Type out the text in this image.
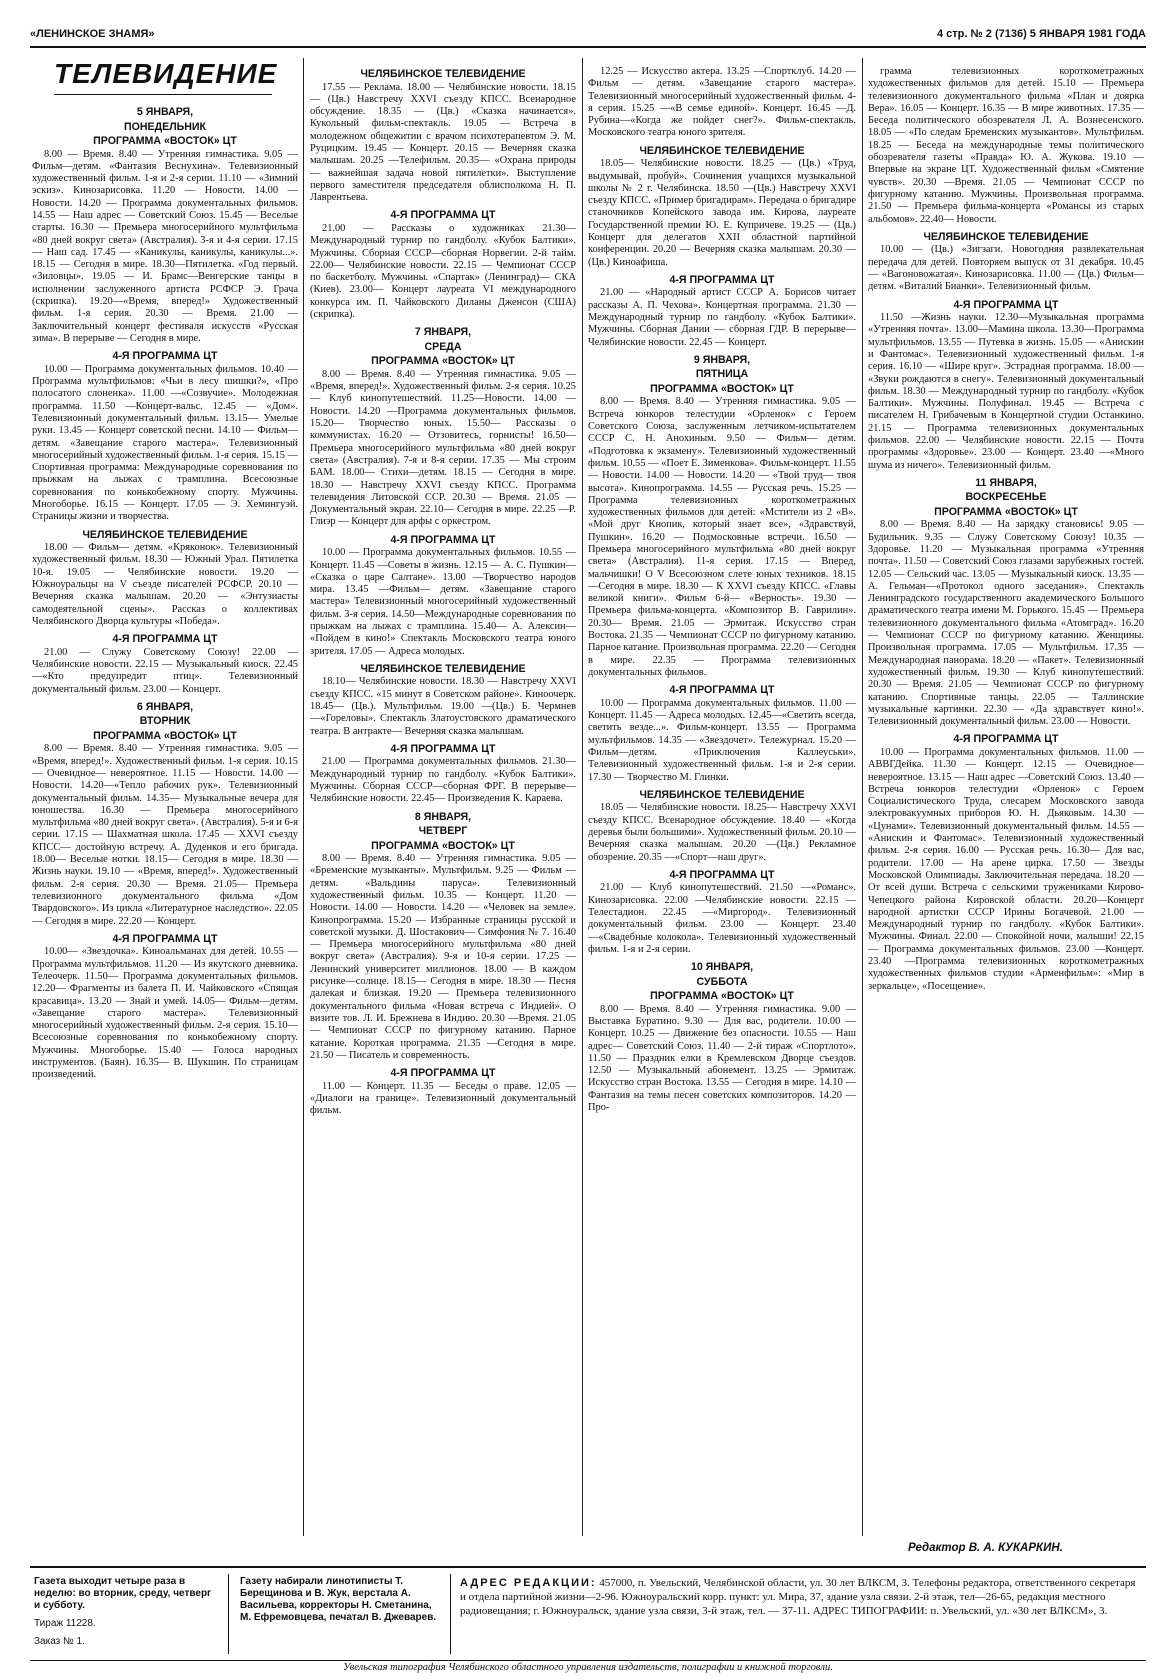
«ЛЕНИНСКОЕ ЗНАМЯ»	4 стр. № 2 (7136) 5 ЯНВАРЯ 1981 ГОДА
ТЕЛЕВИДЕНИЕ
5 ЯНВАРЯ,
ПОНЕДЕЛЬНИК
ПРОГРАММА «ВОСТОК» ЦТ

8.00 — Время. 8.40 — Утренняя гимнастика. 9.05 — Фильм—детям. «Фантазия Веснухина». Телевизионный художественный фильм. 1-я и 2-я серии. 11.10 — «Зимний эскиз». Кинозарисовка. 11.20 — Новости. 14.00 — Новости. 14.20 — Программа документальных фильмов. 14.55 — Наш адрес — Советский Союз. 15.45 — Веселые старты. 16.30 — Премьера многосерийного мультфильма «80 дней вокруг света» (Австралия). 3-я и 4-я серии. 17.15 — Наш сад. 17.45 — «Каникулы, каникулы, каникулы...». 18.15 — Сегодня в мире. 18.30—Пятилетка. «Год первый. «Зиловцы». 19.05 — И. Брамс—Венгерские танцы в исполнении заслуженного артиста РСФСР Э. Грача (скрипка). 19.20—«Время, вперед!» Художественный фильм. 1-я серия. 20.30 — Время. 21.00 — Заключительный концерт фестиваля искусств «Русская зима». В перерыве — Сегодня в мире.

4-Я ПРОГРАММА ЦТ

10.00 — Программа документальных фильмов. 10.40 — Программа мультфильмов: «Чьи в лесу шишки?», «Про полосатого слоненка». 11.00 —«Созвучие». Молодежная программа. 11.50 —Концерт-вальс. 12.45 — «Дом». Телевизионный документальный фильм. 13.15— Умелые руки. 13.45 — Концерт советской песни. 14.10 — Фильм—детям. «Завещание старого мастера». Телевизионный многосерийный художественный фильм. 1-я серия. 15.15 — Спортивная программа: Международные соревнования по прыжкам на лыжах с трамплина. Всесоюзные соревнования по конькобежному спорту. Мужчины. Многоборье. 16.15 — Концерт. 17.05 — Э. Хемингуэй. Страницы жизни и творчества.

ЧЕЛЯБИНСКОЕ ТЕЛЕВИДЕНИЕ

18.00 — Фильм— детям. «Кряконок». Телевизионный художественный фильм. 18.30 — Южный Урал. Пятилетка 10-я. 19.05 — Челябинские новости. 19.20 — Южноуральцы на V съезде писателей РСФСР. 20.10 — Вечерняя сказка малышам. 20.20 — «Энтузиасты самодеятельной сцены». Рассказ о коллективах Челябинского Дворца культуры «Победа».

4-Я ПРОГРАММА ЦТ

21.00 — Служу Советскому Союзу! 22.00 — Челябинские новости. 22.15 — Музыкальный киоск. 22.45 —«Кто предупредит птиц». Телевизионный документальный фильм. 23.00 — Концерт.

6 ЯНВАРЯ,
ВТОРНИК
ПРОГРАММА «ВОСТОК» ЦТ

8.00 — Время. 8.40 — Утренняя гимнастика. 9.05 — «Время, вперед!». Художественный фильм. 1-я серия. 10.15 — Очевидное— невероятное. 11.15 — Новости. 14.00 — Новости. 14.20—«Тепло рабочих рук». Телевизионный документальный фильм. 14.35— Музыкальные вечера для юношества. 16.30 — Премьера многосерийного мультфильма «80 дней вокруг света». (Австралия). 5-я и 6-я серии. 17.15 — Шахматная школа. 17.45 — XXVI съезду КПСС— достойную встречу. А. Дуденков и его бригада. 18.00— Веселые нотки. 18.15— Сегодня в мире. 18.30 — Жизнь науки. 19.10 — «Время, вперед!». Художественный фильм. 2-я серия. 20.30 — Время. 21.05— Премьера телевизионного документального фильма «Дом Твардовского». Из цикла «Литературное наследство». 22.05 — Сегодня в мире. 22.20 — Концерт.

4-Я ПРОГРАММА ЦТ

10.00— «Звездочка». Киноальманах для детей. 10.55 — Программа мультфильмов. 11.20 — Из якутского дневника. Телеочерк. 11.50— Программа документальных фильмов. 12.20— Фрагменты из балета П. И. Чайковского «Спящая красавица». 13.20 — Знай и умей. 14.05— Фильм—детям. «Завещание старого мастера». Телевизионный многосерийный художественный фильм. 2-я серия. 15.10— Всесоюзные соревнования по конькобежному спорту. Мужчины. Многоборье. 15.40 — Голоса народных инструментов. (Баян). 16.35— В. Шукшин. По страницам произведений.

ЧЕЛЯБИНСКОЕ ТЕЛЕВИДЕНИЕ

17.55 — Реклама. 18.00 — Челябинские новости. 18.15 — (Цв.) Навстречу XXVI съезду КПСС. Всенародное обсуждение. 18.35 — (Цв.) «Сказка начинается». Кукольный фильм-спектакль. 19.05 — Встреча в молодежном общежитии с врачом психотерапевтом Э. М. Руцицким. 19.45 — Концерт. 20.15 — Вечерняя сказка малышам. 20.25 —Телефильм. 20.35— «Охрана природы — важнейшая задача новой пятилетки». Выступление первого заместителя председателя облисполкома Н. П. Лаврентьева.

4-Я ПРОГРАММА ЦТ

21.00 — Рассказы о художниках 21.30— Международный турнир по гандболу. «Кубок Балтики». Мужчины. Сборная СССР—сборная Норвегии. 2-й тайм. 22.00— Челябинские новости. 22.15 — Чемпионат СССР по баскетболу. Мужчины. «Спартак» (Ленинград)— СКА (Киев). 23.00— Концерт лауреата VI международного конкурса им. П. Чайковского Диланы Дженсон (США) (скрипка).

7 ЯНВАРЯ,
СРЕДА
ПРОГРАММА «ВОСТОК» ЦТ

8.00 — Время. 8.40 — Утренняя гимнастика. 9.05 — «Время, вперед!». Художественный фильм. 2-я серия. 10.25 — Клуб кинопутешествий. 11.25—Новости. 14.00 — Новости. 14.20 —Программа документальных фильмов. 15.20— Творчество юных. 15.50— Рассказы о коммунистах. 16.20 — Отзовитесь, горнисты! 16.50— Премьера многосерийного мультфильма «80 дней вокруг света» (Австралия). 7-я и 8-я серии. 17.35 — Мы строим БАМ. 18.00— Стихи—детям. 18.15 — Сегодня в мире. 18.30 — Навстречу XXVI съезду КПСС. Программа телевидения Литовской ССР. 20.30 — Время. 21.05 —Документальный экран. 22.10— Сегодня в мире. 22.25 —Р. Глиэр — Концерт для арфы с оркестром.

4-Я ПРОГРАММА ЦТ

10.00 — Программа документальных фильмов. 10.55 — Концерт. 11.45 —Советы в жизнь. 12.15 — А. С. Пушкин— «Сказка о царе Салтане». 13.00 —Творчество народов мира. 13.45 —Фильм— детям. «Завещание старого мастера» Телевизионный многосерийный художественный фильм. 3-я серия. 14.50—Международные соревнования по прыжкам на лыжах с трамплина. 15.40— А. Алексин— «Пойдем в кино!» Спектакль Московского театра юного зрителя. 17.05 — Адреса молодых.

ЧЕЛЯБИНСКОЕ ТЕЛЕВИДЕНИЕ

18.10— Челябинские новости. 18.30 — Навстречу XXVI съезду КПСС. «15 минут в Советском районе». Киноочерк. 18.45— (Цв.). Мультфильм. 19.00 —(Цв.) Б. Чермнев —«Гореловы». Спектакль Златоустовского драматического театра. В антракте— Вечерняя сказка малышам.

4-Я ПРОГРАММА ЦТ

21.00 — Программа документальных фильмов. 21.30— Международный турнир по гандболу. «Кубок Балтики». Мужчины. Сборная СССР—сборная ФРГ. В перерыве— Челябинские новости. 22.45— Произведения К. Караева.

8 ЯНВАРЯ,
ЧЕТВЕРГ
ПРОГРАММА «ВОСТОК» ЦТ

8.00 — Время. 8.40 — Утренняя гимнастика. 9.05 — «Бременские музыканты». Мультфильм. 9.25 — Фильм —детям. «Вальдины паруса». Телевизионный художественный фильм. 10.35 — Концерт. 11.20 — Новости. 14.00 — Новости. 14.20 — «Человек на земле». Кинопрограмма. 15.20 — Избранные страницы русской и советской музыки. Д. Шостакович— Симфония № 7. 16.40— Премьера многосерийного мультфильма «80 дней вокруг света» (Австралия). 9-я и 10-я серии. 17.25 — Ленинский университет миллионов. 18.00 — В каждом рисунке—солнце. 18.15— Сегодня в мире. 18.30 — Песня далекая и близкая. 19.20 — Премьера телевизионного документального фильма «Новая встреча с Индией». О визите тов. Л. И. Брежнева в Индию. 20.30 —Время. 21.05 — Чемпионат СССР по фигурному катанию. Парное катание. Короткая программа. 21.35 —Сегодня в мире. 21.50 — Писатель и современность.

4-Я ПРОГРАММА ЦТ

11.00 — Концерт. 11.35 — Беседы о праве. 12.05 — «Диалоги на границе». Телевизионный документальный фильм.

12.25 — Искусство актера. 13.25 —Спортклуб. 14.20 — Фильм — детям. «Завещание старого мастера». Телевизионный многосерийный художественный фильм. 4-я серия. 15.25 —«В семье единой». Концерт. 16.45 —Д. Рубина—«Когда же пойдет снег?». Фильм-спектакль. Московского театра юного зрителя.

ЧЕЛЯБИНСКОЕ ТЕЛЕВИДЕНИЕ

18.05— Челябинские новости. 18.25 — (Цв.) «Труд, выдумывай, пробуй». Сочинения учащихся музыкальной школы № 2 г. Челябинска. 18.50 —(Цв.) Навстречу XXVI съезду КПСС. «Пример бригадирам». Передача о бригадире станочников Копейского завода им. Кирова, лауреате Государственной премии Ю. Е. Купричеве. 19.25 — (Цв.) Концерт для делегатов XXII областной партийной конференции. 20.20 — Вечерняя сказка малышам. 20.30 — (Цв.) Киноафиша.

4-Я ПРОГРАММА ЦТ

21.00 — «Народный артист СССР А. Борисов читает рассказы А. П. Чехова». Концертная программа. 21.30 —Международный турнир по гандболу. «Кубок Балтики». Мужчины. Сборная Дании — сборная ГДР. В перерыве—Челябинские новости. 22.45 — Концерт.

9 ЯНВАРЯ,
ПЯТНИЦА
ПРОГРАММА «ВОСТОК» ЦТ

8.00 — Время. 8.40 — Утренняя гимнастика. 9.05 — Встреча юнкоров телестудии «Орленок» с Героем Советского Союза, заслуженным летчиком-испытателем СССР С. Н. Анохиным. 9.50 — Фильм— детям. «Подготовка к экзамену». Телевизионный художественный фильм. 10.55 — «Поет Е. Зименкова». Фильм-концерт. 11.55 — Новости. 14.00 — Новости. 14.20 — «Твой труд— твоя высота». Кинопрограмма. 14.55 — Русская речь. 15.25 — Программа телевизионных короткометражных художественных фильмов для детей: «Мстители из 2 «В». «Мой друг Кнопик, который знает все», «Здравствуй, Пушкин». 16.20 — Подмосковные встречи. 16.50 — Премьера многосерийного мультфильма «80 дней вокруг света» (Австралия). 11-я серия. 17.15 — Вперед, мальчишки! О V Всесоюзном слете юных техников. 18.15 —Сегодня в мире. 18.30 — К XXVI съезду КПСС. «Главы великой книги». Фильм 6-й— «Верность». 19.30 — Премьера фильма-концерта. «Композитор В. Гаврилин». 20.30— Время. 21.05 — Эрмитаж. Искусство стран Востока. 21.35 — Чемпионат СССР по фигурному катанию. Парное катание. Произвольная программа. 22.20 — Сегодня в мире. 22.35 — Программа телевизионных документальных фильмов.

4-Я ПРОГРАММА ЦТ

10.00 — Программа документальных фильмов. 11.00 — Концерт. 11.45 — Адреса молодых. 12.45—«Светить всегда, светить везде...». Фильм-концерт. 13.55 — Программа мультфильмов. 14.35 — «Звездочет». Тележурнал. 15.20 —Фильм—детям. «Приключения Каллеуськи». Телевизионный художественный фильм. 1-я и 2-я серии. 17.30 — Творчество М. Глинки.

ЧЕЛЯБИНСКОЕ ТЕЛЕВИДЕНИЕ

18.05 — Челябинские новости. 18.25— Навстречу XXVI съезду КПСС. Всенародное обсуждение. 18.40 — «Когда деревья были большими». Художественный фильм. 20.10 — Вечерняя сказка малышам. 20.20 —(Цв.) Рекламное обозрение. 20.35 —«Спорт—наш друг».

4-Я ПРОГРАММА ЦТ

21.00 — Клуб кинопутешествий. 21.50 —«Романс». Кинозарисовка. 22.00 —Челябинские новости. 22.15 — Телестадион. 22.45 —«Миргород». Телевизионный документальный фильм. 23.00 — Концерт. 23.40 —«Свадебные колокола». Телевизионный художественный фильм. 1-я и 2-я серии.

10 ЯНВАРЯ,
СУББОТА
ПРОГРАММА «ВОСТОК» ЦТ

8.00 — Время. 8.40 — Утренняя гимнастика. 9.00 — Выставка Буратино. 9.30 — Для вас, родители. 10.00 — Концерт. 10.25 — Движение без опасности. 10.55 — Наш адрес— Советский Союз. 11.40 — 2-й тираж «Спортлото». 11.50 — Праздник елки в Кремлевском Дворце съездов. 12.50 — Музыкальный абонемент. 13.25 — Эрмитаж. Искусство стран Востока. 13.55 — Сегодня в мире. 14.10 — Фантазия на темы песен советских композиторов. 14.20 —Про-

грамма телевизионных короткометражных художественных фильмов для детей. 15.10 — Премьера телевизионного документального фильма «План и доярка Вера». 16.05 — Концерт. 16.35 — В мире животных. 17.35 — Беседа политического обозревателя Л. А. Вознесенского. 18.05 — «По следам Бременских музыкантов». Мультфильм. 18.25 — Беседа на международные темы политического обозревателя газеты «Правда» Ю. А. Жукова. 19.10 — Впервые на экране ЦТ. Художественный фильм «Смятение чувств». 20.30 —Время. 21.05 — Чемпионат СССР по фигурному катанию. Мужчины. Произвольная программа. 21.50 — Премьера фильма-концерта «Романсы из старых альбомов». 22.40— Новости.

ЧЕЛЯБИНСКОЕ ТЕЛЕВИДЕНИЕ

10.00 — (Цв.) «Зигзаги. Новогодняя развлекательная передача для детей. Повторяем выпуск от 31 декабря. 10.45 — «Вагоновожатая». Кинозарисовка. 11.00 — (Цв.) Фильм—детям. «Виталий Бианки». Телевизионный фильм.

4-Я ПРОГРАММА ЦТ

11.50 —Жизнь науки. 12.30—Музыкальная программа «Утренняя почта». 13.00—Мамина школа. 13.30—Программа мультфильмов. 13.55 — Путевка в жизнь. 15.05 — «Анискин и Фантомас». Телевизионный художественный фильм. 1-я серия. 16.10 — «Шире круг». Эстрадная программа. 18.00 — «Звуки рождаются в снегу». Телевизионный документальный фильм. 18.30 — Международный турнир по гандболу. «Кубок Балтики». Мужчины. Полуфинал. 19.45 — Встреча с писателем Н. Грибачевым в Концертной студии Останкино. 21.15 — Программа телевизионных документальных фильмов. 22.00 — Челябинские новости. 22.15 — Почта программы «Здоровье». 23.00 — Концерт. 23.40 —«Много шума из ничего». Телевизионный фильм.

11 ЯНВАРЯ,
ВОСКРЕСЕНЬЕ
ПРОГРАММА «ВОСТОК» ЦТ

8.00 — Время. 8.40 — На зарядку становись! 9.05 — Будильник. 9.35 — Служу Советскому Союзу! 10.35 —Здоровье. 11.20 — Музыкальная программа «Утренняя почта». 11.50 — Советский Союз глазами зарубежных гостей. 12.05 — Сельский час. 13.05 — Музыкальный киоск. 13.35 — А. Гельман—«Протокол одного заседания». Спектакль Ленинградского государственного академического Большого драматического театра имени М. Горького. 15.45 — Премьера телевизионного документального фильма «Атомград». 16.20 — Чемпионат СССР по фигурному катанию. Женщины. Произвольная программа. 17.05 — Мультфильм. 17.35 — Международная панорама. 18.20 — «Пакет». Телевизионный художественный фильм. 19.30 — Клуб кинопутешествий. 20.30 — Время. 21.05 — Чемпионат СССР по фигурному катанию. Спортивные танцы. 22.05 — Таллинские музыкальные картинки. 22.30 — «Да здравствует кино!». Телевизионный документальный фильм. 23.00 — Новости.

4-Я ПРОГРАММА ЦТ

10.00 — Программа документальных фильмов. 11.00 — АВВГДейка. 11.30 — Концерт. 12.15 — Очевидное—невероятное. 13.15 — Наш адрес —Советский Союз. 13.40 — Встреча юнкоров телестудии «Орленок» с Героем Социалистического Труда, слесарем Московского завода электровакуумных приборов Ю. Н. Дьяковым. 14.30 — «Цунами». Телевизионный документальный фильм. 14.55 — «Анискин и Фантомас». Телевизионный художественный фильм. 2-я серия. 16.00 — Русская речь. 16.30— Для вас, родители. 17.00 — На арене цирка. 17.50 — Звезды Московской Олимпиады. Заключительная передача. 18.20 — От всей души. Встреча с сельскими тружениками Кирово-Чепецкого района Кировской области. 20.20—Концерт народной артистки СССР Ирины Богачевой. 21.00 — Международный турнир по гандболу. «Кубок Балтики». Мужчины. Финал. 22.00 — Спокойной ночи, малыши! 22.15 — Программа документальных фильмов. 23.00 —Концерт. 23.40 —Программа телевизионных короткометражных художественных фильмов студии «Арменфильм»: «Мир в зеркальце», «Посещение».

Редактор В. А. КУКАРКИН.
Газета выходит четыре раза в неделю: во вторник, среду, четверг и субботу.
Тираж 11228.
Заказ № 1.
Газету набирали линотиписты Т. Берещинова и В. Жук, верстала А. Васильева, корректоры Н. Сметанина, М. Ефремовцева, печатал В. Джеварев.
АДРЕС РЕДАКЦИИ: 457000, п. Увельский, Челябинской области, ул. 30 лет ВЛКСМ, 3. Телефоны редактора, ответственного секретаря и отдела партийной жизни—2-96. Южноуральский корр. пункт: ул. Мира, 37, здание узла связи. 2-й этаж, тел—26-65, редакция местного радиовещания; г. Южноуральск, здание узла связи, 3-й этаж, тел. — 37-11. АДРЕС ТИПОГРАФИИ: п. Увельский, ул. «30 лет ВЛКСМ», 3.
Увельская типография Челябинского областного управления издательств, полиграфии и книжной торговли.
